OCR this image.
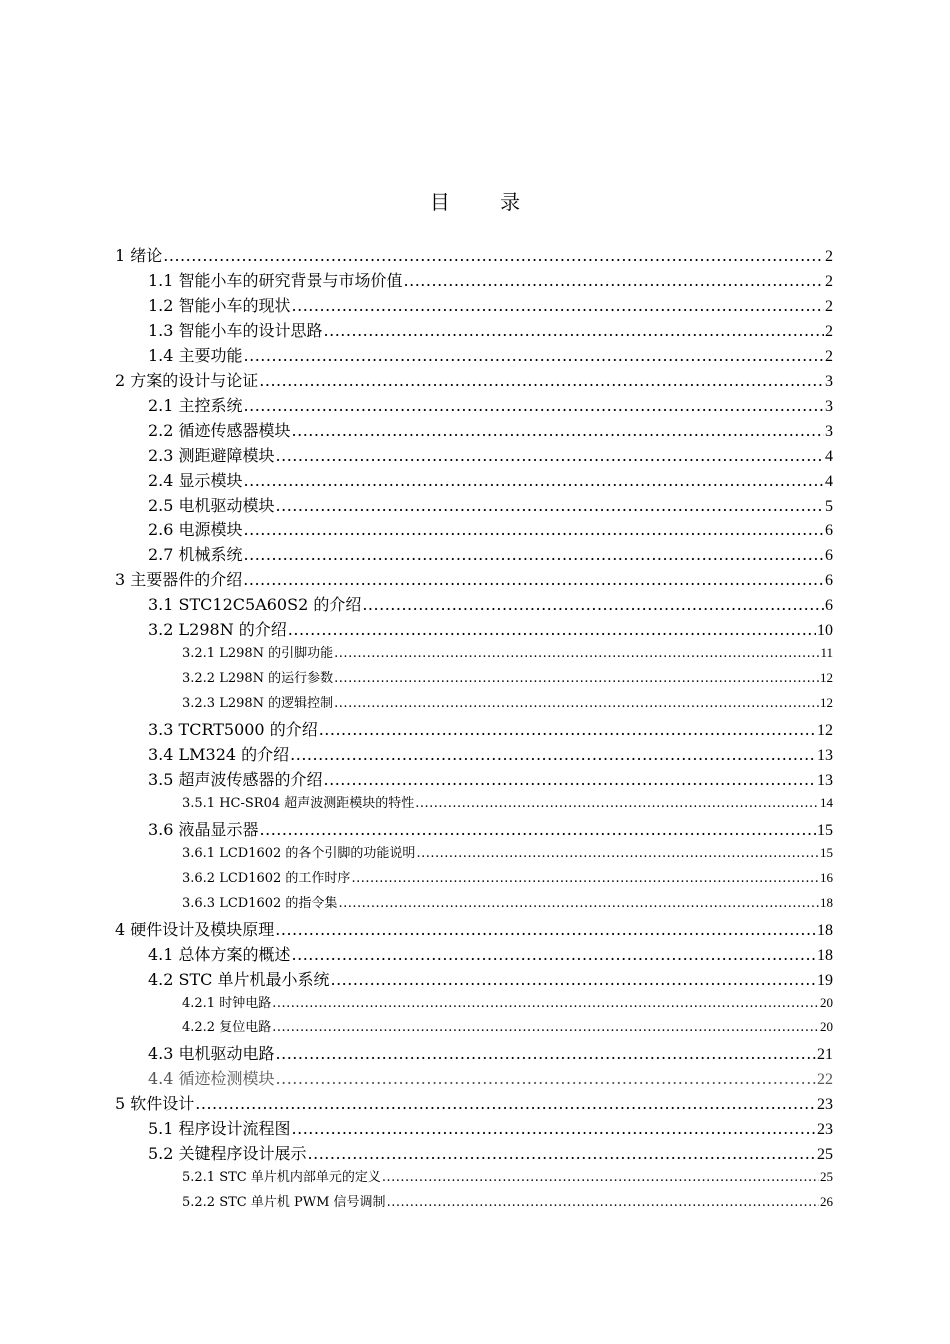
目 录
1 绪论 .....	2
1.1 智能小车的研究背景与市场价值 .....	2
1.2 智能小车的现状 .....	2
1.3 智能小车的设计思路 .....	2
1.4 主要功能 .....	2
2 方案的设计与论证 .....	3
2.1 主控系统 .....	3
2.2 循迹传感器模块 .....	3
2.3 测距避障模块 .....	4
2.4 显示模块 .....	4
2.5 电机驱动模块 .....	5
2.6 电源模块 .....	6
2.7 机械系统 .....	6
3 主要器件的介绍 .....	6
3.1 STC12C5A60S2 的介绍 .....	6
3.2 L298N 的介绍 .....	10
3.2.1 L298N 的引脚功能 .....	11
3.2.2 L298N 的运行参数 .....	12
3.2.3 L298N 的逻辑控制 .....	12
3.3 TCRT5000 的介绍 .....	12
3.4 LM324 的介绍 .....	13
3.5 超声波传感器的介绍 .....	13
3.5.1 HC-SR04 超声波测距模块的特性 .....	14
3.6 液晶显示器 .....	15
3.6.1 LCD1602 的各个引脚的功能说明 .....	15
3.6.2 LCD1602 的工作时序 .....	16
3.6.3 LCD1602 的指令集 .....	18
4 硬件设计及模块原理 .....	18
4.1 总体方案的概述 .....	18
4.2 STC 单片机最小系统 .....	19
4.2.1 时钟电路 .....	20
4.2.2 复位电路 .....	20
4.3 电机驱动电路 .....	21
4.4 循迹检测模块 .....	22
5 软件设计 .....	23
5.1 程序设计流程图 .....	23
5.2 关键程序设计展示 .....	25
5.2.1 STC 单片机内部单元的定义 .....	25
5.2.2 STC 单片机 PWM 信号调制 .....	26
